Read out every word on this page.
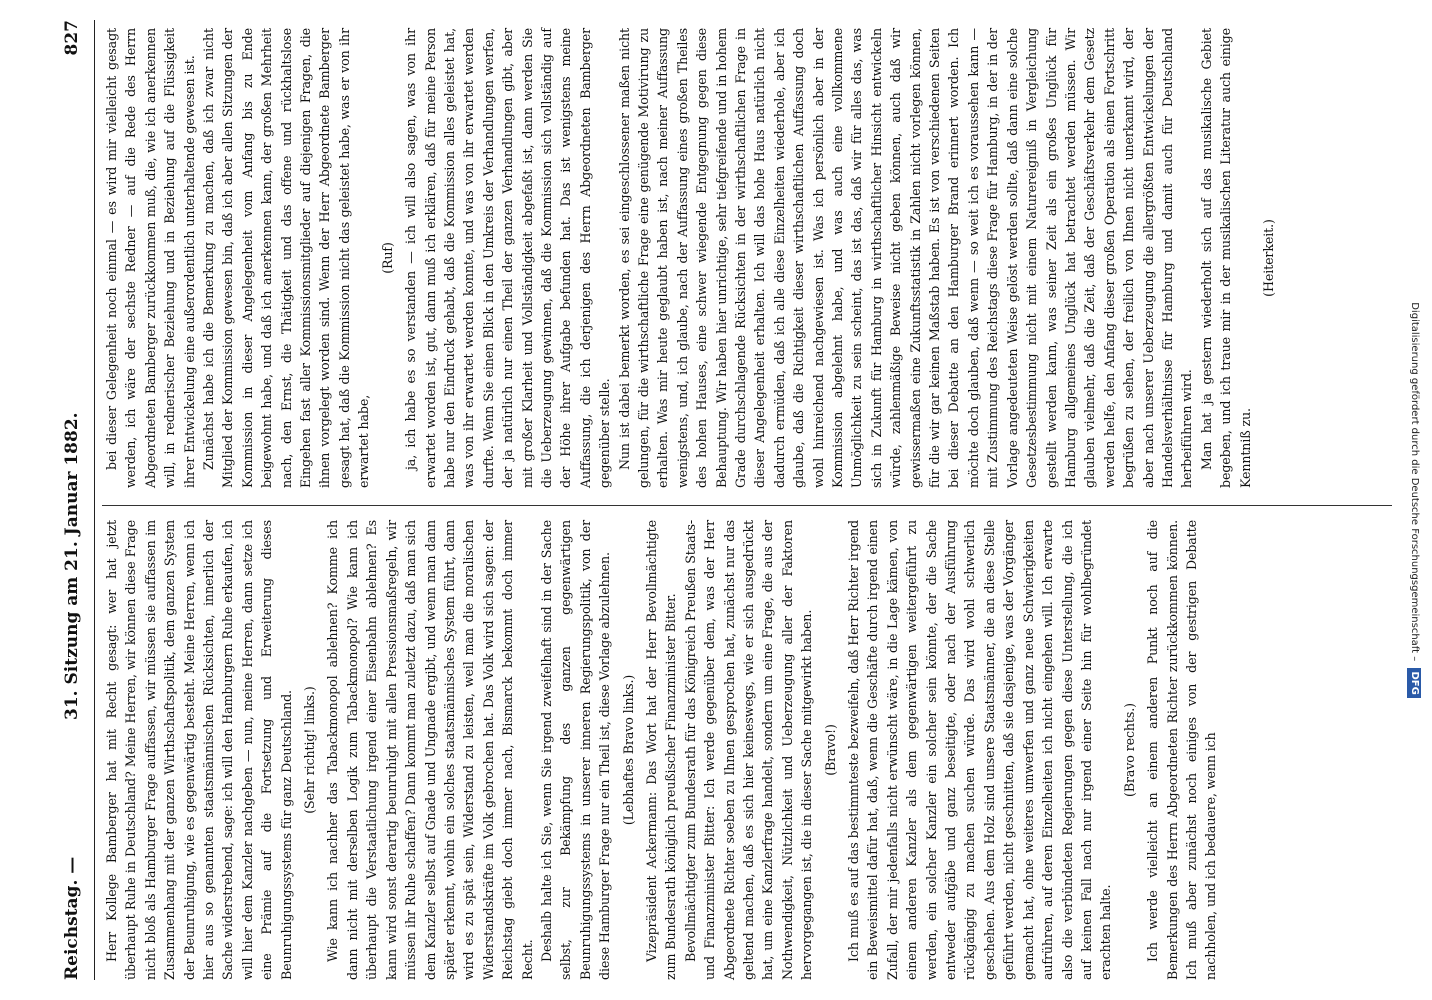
Reichstag. —
31. Sitzung am 21. Januar 1882.
827

Herr Kollege Bamberger hat mit Recht gesagt: wer hat jetzt überhaupt Ruhe in Deutschland? Meine Herren, wir können diese Frage nicht bloß als Hamburger Frage auffassen, wir müssen sie auffassen im Zusammenhang mit der ganzen Wirthschaftspolitik, dem ganzen System der Beunruhigung, wie es gegenwärtig besteht. Meine Herren, wenn ich hier aus so genannten staatsmännischen Rücksichten, innerlich der Sache widerstrebend, sage: ich will den Hamburgern Ruhe erkaufen, ich will hier dem Kanzler nachgeben — nun, meine Herren, dann setze ich eine Prämie auf die Fortsetzung und Erweiterung dieses Beunruhigungssystems für ganz Deutschland. (Sehr richtig! links.) Wie kann ich nachher das Tabackmonopol ablehnen? Komme ich dann nicht mit derselben Logik zum Tabackmonopol? Wie kann ich überhaupt die Verstaatlichung irgend einer Eisenbahn ablehnen? Es kann wird sonst derartig beunruhigt mit allen Pressionsmaßregeln, wir müssen ihr Ruhe schaffen? Dann kommt man zuletzt dazu, daß man sich dem Kanzler selbst auf Gnade und Ungnade ergibt, und wenn man dann später erkennt, wohin ein solches staatsmännisches System führt, dann wird es zu spät sein, Widerstand zu leisten, weil man die moralischen Widerstandskräfte im Volk gebrochen hat. Das Volk wird sich sagen: der Reichstag giebt doch immer nach, Bismarck bekommt doch immer Recht. Deshalb halte ich Sie, wenn Sie irgend zweifelhaft sind in der Sache selbst, zur Bekämpfung des ganzen gegenwärtigen Beunruhigungssystems in unserer inneren Regierungspolitik, von der diese Hamburger Frage nur ein Theil ist, diese Vorlage abzulehnen. (Lebhaftes Bravo links.) Vizepräsident Ackermann: Das Wort hat der Herr Bevollmächtigte zum Bundesrath königlich preußischer Finanzminister Bitter. Bevollmächtigter zum Bundesrath für das Königreich Preußen Staats- und Finanzminister Bitter: Ich werde gegenüber dem, was der Herr Abgeordnete Richter soeben zu Ihnen gesprochen hat, zunächst nur das geltend machen, daß es sich hier keineswegs, wie er sich ausgedrückt hat, um eine Kanzlerfrage handelt, sondern um eine Frage, die aus der Nothwendigkeit, Nützlichkeit und Ueberzeugung aller der Faktoren hervorgegangen ist, die in dieser Sache mitgewirkt haben. (Bravo!) Ich muß es auf das bestimmteste bezweifeln, daß Herr Richter irgend ein Beweismittel dafür hat, daß, wenn die Geschäfte durch irgend einen Zufall, der mir jedenfalls nicht erwünscht wäre, in die Lage kämen, von einem anderen Kanzler als dem gegenwärtigen weitergeführt zu werden, ein solcher Kanzler ein solcher sein könnte, der die Sache entweder aufgäbe und ganz beseitigte, oder nach der Ausführung rückgängig zu machen suchen würde. Das wird wohl schwerlich geschehen. Aus dem Holz sind unsere Staatsmänner, die an diese Stelle geführt werden, nicht geschnitten, daß sie dasjenige, was der Vorgänger gemacht hat, ohne weiteres umwerfen und ganz neue Schwierigkeiten aufrühren, auf deren Einzelheiten ich nicht eingehen will. Ich erwarte also die verbündeten Regierungen gegen diese Unterstellung, die ich auf keinen Fall nach nur irgend einer Seite hin für wohlbegründet erachten halte.

(Bravo rechts.) Ich werde vielleicht an einem anderen Punkt noch auf die Bemerkungen des Herrn Abgeordneten Richter zurückkommen können. Ich muß aber zunächst noch einiges von der gestrigen Debatte nachholen, und ich bedauere, wenn ich

bei dieser Gelegenheit noch einmal — es wird mir vielleicht gesagt werden, ich wäre der sechste Redner — auf die Rede des Herrn Abgeordneten Bamberger zurückkommen muß, die, wie ich anerkennen will, in rednerischer Beziehung und in Beziehung auf die Flüssigkeit ihrer Entwickelung eine außerordentlich unterhaltende gewesen ist. Zunächst habe ich die Bemerkung zu machen, daß ich zwar nicht Mitglied der Kommission gewesen bin, daß ich aber allen Sitzungen der Kommission in dieser Angelegenheit vom Anfang bis zu Ende beigewohnt habe, und daß ich anerkennen kann, der großen Mehrheit nach, den Ernst, die Thätigkeit und das offene und rückhaltslose Eingehen fast aller Kommissionsmitglieder auf diejenigen Fragen, die ihnen vorgelegt worden sind. Wenn der Herr Abgeordnete Bamberger gesagt hat, daß die Kommission nicht das geleistet habe, was er von ihr erwartet habe,

(Ruf) ja, ich habe es so verstanden — ich will also sagen, was von ihr erwartet worden ist, gut, dann muß ich erklären, daß für meine Person habe nur den Eindruck gehabt, daß die Kommission alles geleistet hat, was von ihr erwartet werden konnte, und was von ihr erwartet werden durfte. Wenn Sie einen Blick in den Umkreis der Verhandlungen werfen, der ja natürlich nur einen Theil der ganzen Verhandlungen gibt, aber mit großer Klarheit und Vollständigkeit abgefaßt ist, dann werden Sie die Ueberzeugung gewinnen, daß die Kommission sich vollständig auf der Höhe ihrer Aufgabe befunden hat. Das ist wenigstens meine Auffassung, die ich derjenigen des Herrn Abgeordneten Bamberger gegenüber stelle. Nun ist dabei bemerkt worden, es sei eingeschlossener maßen nicht gelungen, für die wirthschaftliche Frage eine genügende Motivirung zu erhalten. Was mir heute geglaubt haben ist, nach meiner Auffassung wenigstens, und, ich glaube, nach der Auffassung eines großen Theiles des hohen Hauses, eine schwer wiegende Entgegnung gegen diese Behauptung. Wir haben hier unrichtige, sehr tiefgreifende und in hohem Grade durchschlagende Rücksichten in der wirthschaftlichen Frage in dieser Angelegenheit erhalten. Ich will das hohe Haus natürlich nicht dadurch ermüden, daß ich alle diese Einzelheiten wiederhole, aber ich glaube, daß die Richtigkeit dieser wirthschaftlichen Auffassung doch wohl hinreichend nachgewiesen ist. Was ich persönlich aber in der Kommission abgelehnt habe, und was auch eine vollkommene Unmöglichkeit zu sein scheint, das ist das, daß wir für alles das, was sich in Zukunft für Hamburg in wirthschaftlicher Hinsicht entwickeln würde, zahlenmäßige Beweise nicht geben können, auch daß wir gewissermaßen eine Zukunftsstatistik in Zahlen nicht vorlegen können, für die wir gar keinen Maßstab haben. Es ist von verschiedenen Seiten bei dieser Debatte an den Hamburger Brand erinnert worden. Ich möchte doch glauben, daß wenn — so weit ich es voraussehen kann — mit Zustimmung des Reichstags diese Frage für Hamburg, in der in der Vorlage angedeuteten Weise gelöst werden sollte, daß dann eine solche Gesetzesbestimmung nicht mit einem Naturereigniß in Vergleichung gestellt werden kann, was seiner Zeit als ein großes Unglück für Hamburg allgemeines Unglück hat betrachtet werden müssen. Wir glauben vielmehr, daß die Zeit, daß der Geschäftsverkehr dem Gesetz werden helfe, den Anfang dieser großen Operation als einen Fortschritt begrüßen zu sehen, der freilich von Ihnen nicht unerkannt wird, der aber nach unserer Ueberzeugung die allergrößten Entwickelungen der Handelsverhältnisse für Hamburg und damit auch für Deutschland herbeiführen wird. Man hat ja gestern wiederholt sich auf das musikalische Gebiet begeben, und ich traue mir in der musikalischen Literatur auch einige Kenntniß zu.

(Heiterkeit.)

Digitalisierung gefördert durch die Deutsche Forschungsgemeinschaft – DFG
